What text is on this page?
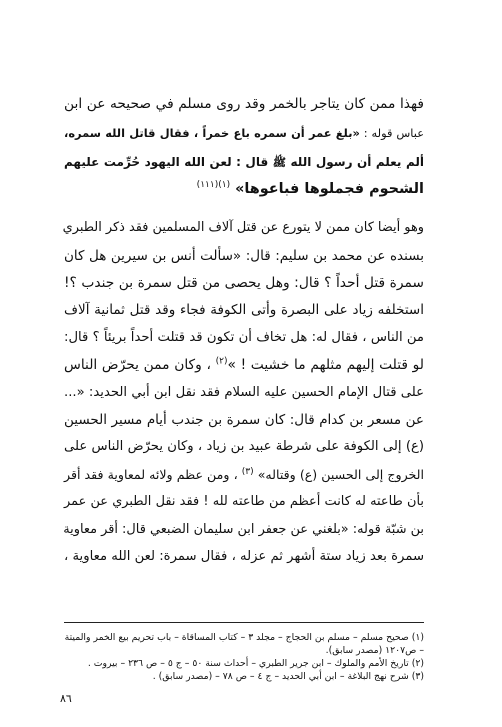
فهذا ممن كان يتاجر بالخمر وقد روى مسلم في صحيحه عن ابن
عباس قوله : «بلغ عمر أن سمره باع خمراً ، فقال قاتل الله سمره،
ألم يعلم أن رسول الله ﷺ قال : لعن الله اليهود حُرِّمت عليهم
الشحوم فجملوها فباعوها» $^{(١)(١١١)}$
وهو أيضا كان ممن لا يتورع عن قتل آلاف المسلمين فقد ذكر الطبري
بسنده عن محمد بن سليم: قال: «سألت أنس بن سيرين هل كان
سمرة قتل أحداً ؟ قال: وهل يحصى من قتل سمرة بن جندب ؟!
استخلفه زياد على البصرة وأتى الكوفة فجاء وقد قتل ثمانية آلاف
من الناس ، فقال له: هل تخاف أن تكون قد قتلت أحداً بريئاً ؟ قال:
لو قتلت إليهم مثلهم ما خشيت ! »$^{(٢)}$ ، وكان ممن يحرّض الناس
على قتال الإمام الحسين عليه السلام فقد نقل ابن أبي الحديد: «...
عن مسعر بن كدام قال: كان سمرة بن جندب أيام مسير الحسين
(ع) إلى الكوفة على شرطة عبيد بن زياد ، وكان يحرّض الناس على
الخروج إلى الحسين (ع) وقتاله» $^{(٣)}$ ، ومن عظم ولائه لمعاوية فقد أقر
بأن طاعته له كانت أعظم من طاعته لله ! فقد نقل الطبري عن عمر
بن شبّة قوله: «بلغني عن جعفر ابن سليمان الضبعي قال: أقر معاوية
سمرة بعد زياد ستة أشهر ثم عزله ، فقال سمرة: لعن الله معاوية ،
(١) صحيح مسلم – مسلم بن الحجاج – مجلد ٣ – كتاب المساقاة – باب تحريم بيع الخمر والميتة
– ص١٢٠٧ (مصدر سابق).
(٢) تاريخ الأمم والملوك – ابن جرير الطبري – أحداث سنة ٥٠ – ج ٥ – ص ٢٣٦ – بيروت .
(٣) شرح نهج البلاغة – ابن أبي الحديد – ج ٤ – ص ٧٨ – (مصدر سابق) .
٨٦
